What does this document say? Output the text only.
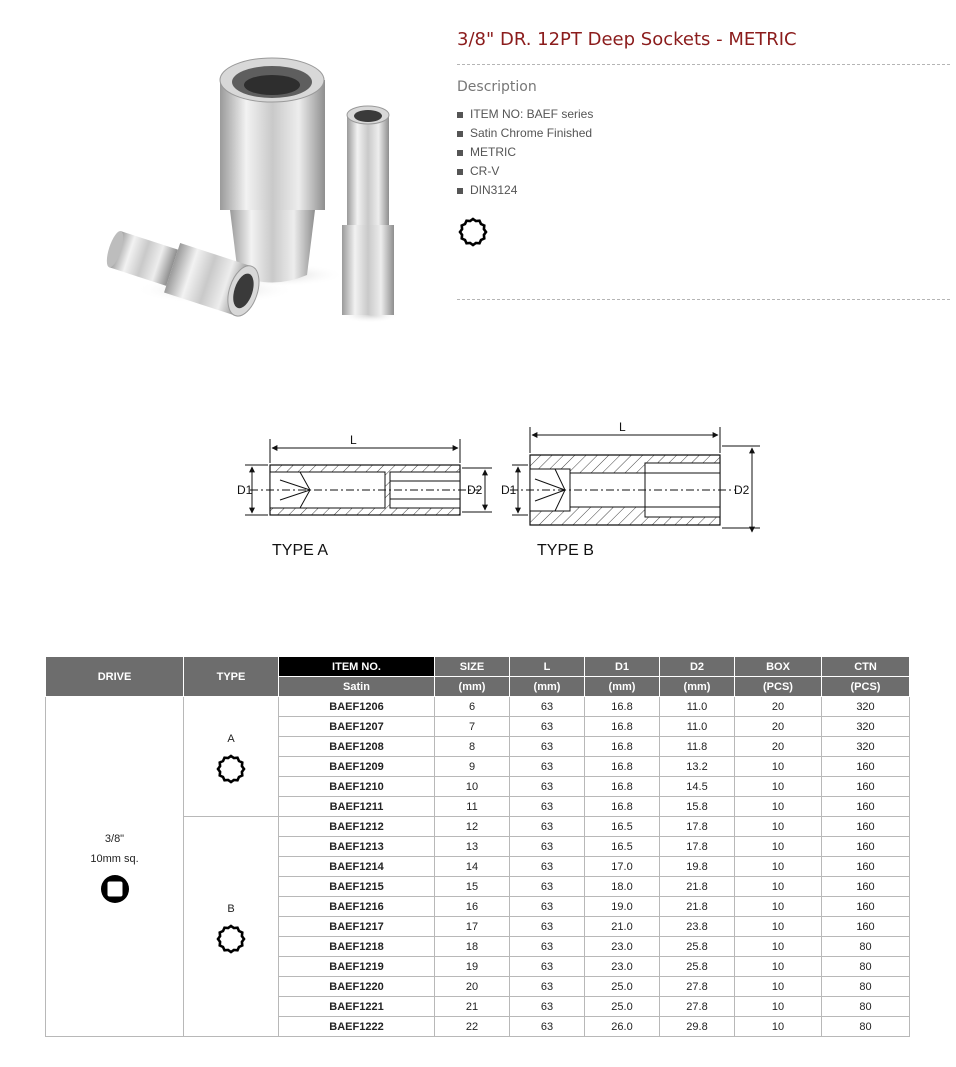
3/8" DR. 12PT Deep Sockets - METRIC
Description
ITEM NO: BAEF series
Satin Chrome Finished
METRIC
CR-V
DIN3124
L
D1	D2
L
D1	D2
TYPE A	TYPE B
DRIVE	TYPE	ITEM NO.	SIZE	L	D1	D2	BOX	CTN
		Satin	(mm)	(mm)	(mm)	(mm)	(PCS)	(PCS)

3/8"
10mm sq.	A	BAEF1206	6	63	16.8	11.0	20	320
		BAEF1207	7	63	16.8	11.0	20	320
		BAEF1208	8	63	16.8	11.8	20	320
		BAEF1209	9	63	16.8	13.2	10	160
		BAEF1210	10	63	16.8	14.5	10	160
		BAEF1211	11	63	16.8	15.8	10	160

	B	BAEF1212	12	63	16.5	17.8	10	160
		BAEF1213	13	63	16.5	17.8	10	160
		BAEF1214	14	63	17.0	19.8	10	160
		BAEF1215	15	63	18.0	21.8	10	160
		BAEF1216	16	63	19.0	21.8	10	160
		BAEF1217	17	63	21.0	23.8	10	160
		BAEF1218	18	63	23.0	25.8	10	80
		BAEF1219	19	63	23.0	25.8	10	80
		BAEF1220	20	63	25.0	27.8	10	80
		BAEF1221	21	63	25.0	27.8	10	80
		BAEF1222	22	63	26.0	29.8	10	80
